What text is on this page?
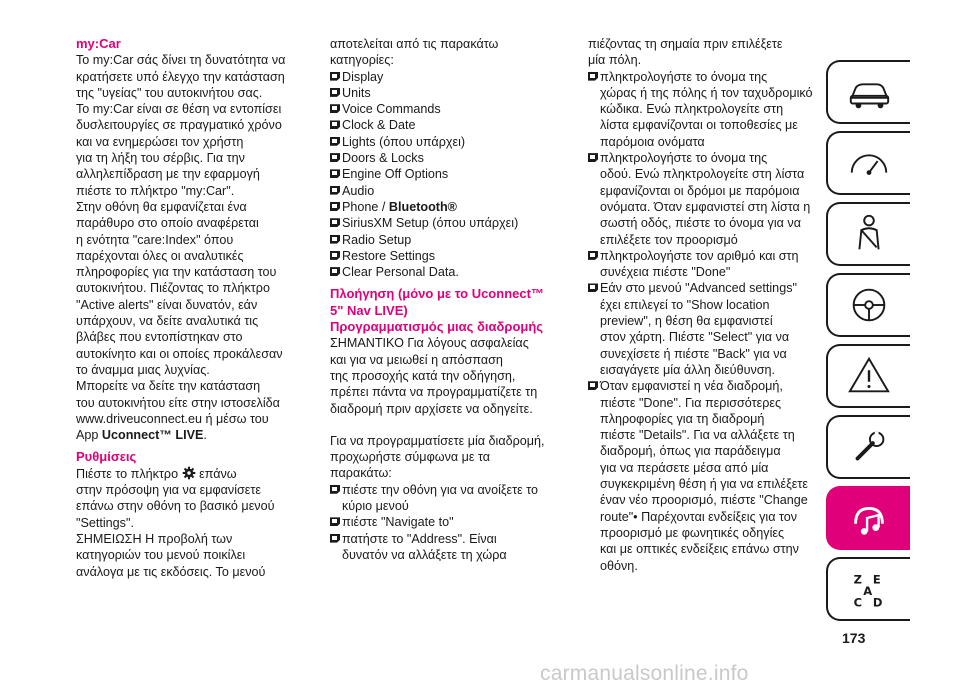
my:Car

Το my:Car σάς δίνει τη δυνατότητα να

κρατήσετε υπό έλεγχο την κατάσταση

της "υγείας" του αυτοκινήτου σας.

Το my:Car είναι σε θέση να εντοπίσει

δυσλειτουργίες σε πραγματικό χρόνο

και να ενημερώσει τον χρήστη

για τη λήξη του σέρβις. Για την

αλληλεπίδραση με την εφαρμογή

πιέστε το πλήκτρο "my:Car".

Στην οθόνη θα εμφανίζεται ένα

παράθυρο στο οποίο αναφέρεται

η ενότητα "care:Index" όπου

παρέχονται όλες οι αναλυτικές

πληροφορίες για την κατάσταση του

αυτοκινήτου. Πιέζοντας το πλήκτρο

"Active alerts" είναι δυνατόν, εάν

υπάρχουν, να δείτε αναλυτικά τις

βλάβες που εντοπίστηκαν στο

αυτοκίνητο και οι οποίες προκάλεσαν

το άναμμα μιας λυχνίας.

Μπορείτε να δείτε την κατάσταση

του αυτοκινήτου είτε στην ιστοσελίδα

www.driveuconnect.eu ή μέσω του

App Uconnect™ LIVE.

Ρυθμίσεις

Πιέστε το πλήκτρο  επάνω

στην πρόσοψη για να εμφανίσετε

επάνω στην οθόνη το βασικό μενού

"Settings".

ΣΗΜΕΙΩΣΗ Η προβολή των

κατηγοριών του μενού ποικίλει

ανάλογα με τις εκδόσεις. Το μενού

αποτελείται από τις παρακάτω

κατηγορίες:

Display
Units
Voice Commands
Clock & Date
Lights (όπου υπάρχει)
Doors & Locks
Engine Off Options
Audio
Phone / Bluetooth®
SiriusXM Setup (όπου υπάρχει)
Radio Setup
Restore Settings
Clear Personal Data.

Πλοήγηση (μόνο με το Uconnect™

5" Nav LIVE)

Προγραμματισμός μιας διαδρομής

ΣΗΜΑΝΤΙΚΟ Για λόγους ασφαλείας

και για να μειωθεί η απόσπαση

της προσοχής κατά την οδήγηση,

πρέπει πάντα να προγραμματίζετε τη

διαδρομή πριν αρχίσετε να οδηγείτε.

Για να προγραμματίσετε μία διαδρομή,

προχωρήστε σύμφωνα με τα

παρακάτω:

πιέστε την οθόνη για να ανοίξετε το

κύριο μενού

πιέστε "Navigate to"

πατήστε το "Address". Είναι

δυνατόν να αλλάξετε τη χώρα

πιέζοντας τη σημαία πριν επιλέξετε

μία πόλη.

πληκτρολογήστε το όνομα της

χώρας ή της πόλης ή τον ταχυδρομικό

κώδικα. Ενώ πληκτρολογείτε στη

λίστα εμφανίζονται οι τοποθεσίες με

παρόμοια ονόματα

πληκτρολογήστε το όνομα της

οδού. Ενώ πληκτρολογείτε στη λίστα

εμφανίζονται οι δρόμοι με παρόμοια

ονόματα. Όταν εμφανιστεί στη λίστα η

σωστή οδός, πιέστε το όνομα για να

επιλέξετε τον προορισμό

πληκτρολογήστε τον αριθμό και στη

συνέχεια πιέστε "Done"

Εάν στο μενού "Advanced settings"

έχει επιλεγεί το "Show location

preview", η θέση θα εμφανιστεί

στον χάρτη. Πιέστε "Select" για να

συνεχίσετε ή πιέστε "Back" για να

εισαγάγετε μία άλλη διεύθυνση.

Όταν εμφανιστεί η νέα διαδρομή,

πιέστε "Done". Για περισσότερες

πληροφορίες για τη διαδρομή

πιέστε "Details". Για να αλλάξετε τη

διαδρομή, όπως για παράδειγμα

για να περάσετε μέσα από μία

συγκεκριμένη θέση ή για να επιλέξετε

έναν νέο προορισμό, πιέστε "Change

route"• Παρέχονται ενδείξεις για τον

προορισμό με φωνητικές οδηγίες

και με οπτικές ενδείξεις επάνω στην

οθόνη.

Z E
A
C D
173
carmanualsonline.info
